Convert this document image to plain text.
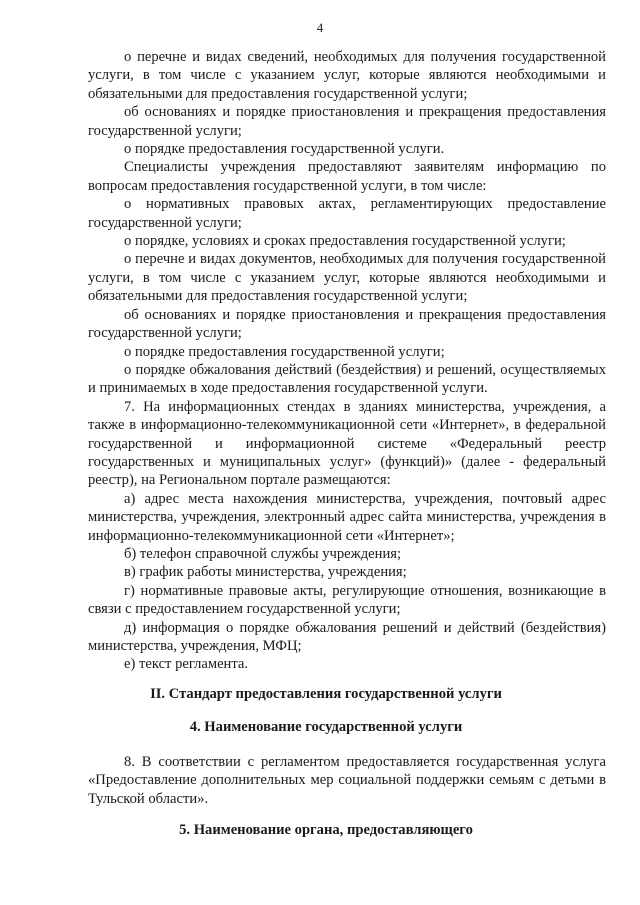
4

о перечне и видах сведений, необходимых для получения государственной услуги, в том числе с указанием услуг, которые являются необходимыми и обязательными для предоставления государственной услуги;

об основаниях и порядке приостановления и прекращения предоставления государственной услуги;

о порядке предоставления государственной услуги.

Специалисты учреждения предоставляют заявителям информацию по вопросам предоставления государственной услуги, в том числе:

о нормативных правовых актах, регламентирующих предоставление государственной услуги;

о порядке, условиях и сроках предоставления государственной услуги;

о перечне и видах документов, необходимых для получения государственной услуги, в том числе с указанием услуг, которые являются необходимыми и обязательными для предоставления государственной услуги;

об основаниях и порядке приостановления и прекращения предоставления государственной услуги;

о порядке предоставления государственной услуги;

о порядке обжалования действий (бездействия) и решений, осуществляемых и принимаемых в ходе предоставления государственной услуги.

7. На информационных стендах в зданиях министерства, учреждения, а также в информационно-телекоммуникационной сети «Интернет», в федеральной государственной и информационной системе «Федеральный реестр государственных и муниципальных услуг» (функций)» (далее - федеральный реестр), на Региональном портале размещаются:

а) адрес места нахождения министерства, учреждения, почтовый адрес министерства, учреждения, электронный адрес сайта министерства, учреждения в информационно-телекоммуникационной сети «Интернет»;

б) телефон справочной службы учреждения;

в) график работы министерства, учреждения;

г) нормативные правовые акты, регулирующие отношения, возникающие в связи с предоставлением государственной услуги;

д) информация о порядке обжалования решений и действий (бездействия) министерства, учреждения, МФЦ;

е) текст регламента.

II. Стандарт предоставления государственной услуги
4. Наименование государственной услуги

8. В соответствии с регламентом предоставляется государственная услуга «Предоставление дополнительных мер социальной поддержки семьям с детьми в Тульской области».

5. Наименование органа, предоставляющего
